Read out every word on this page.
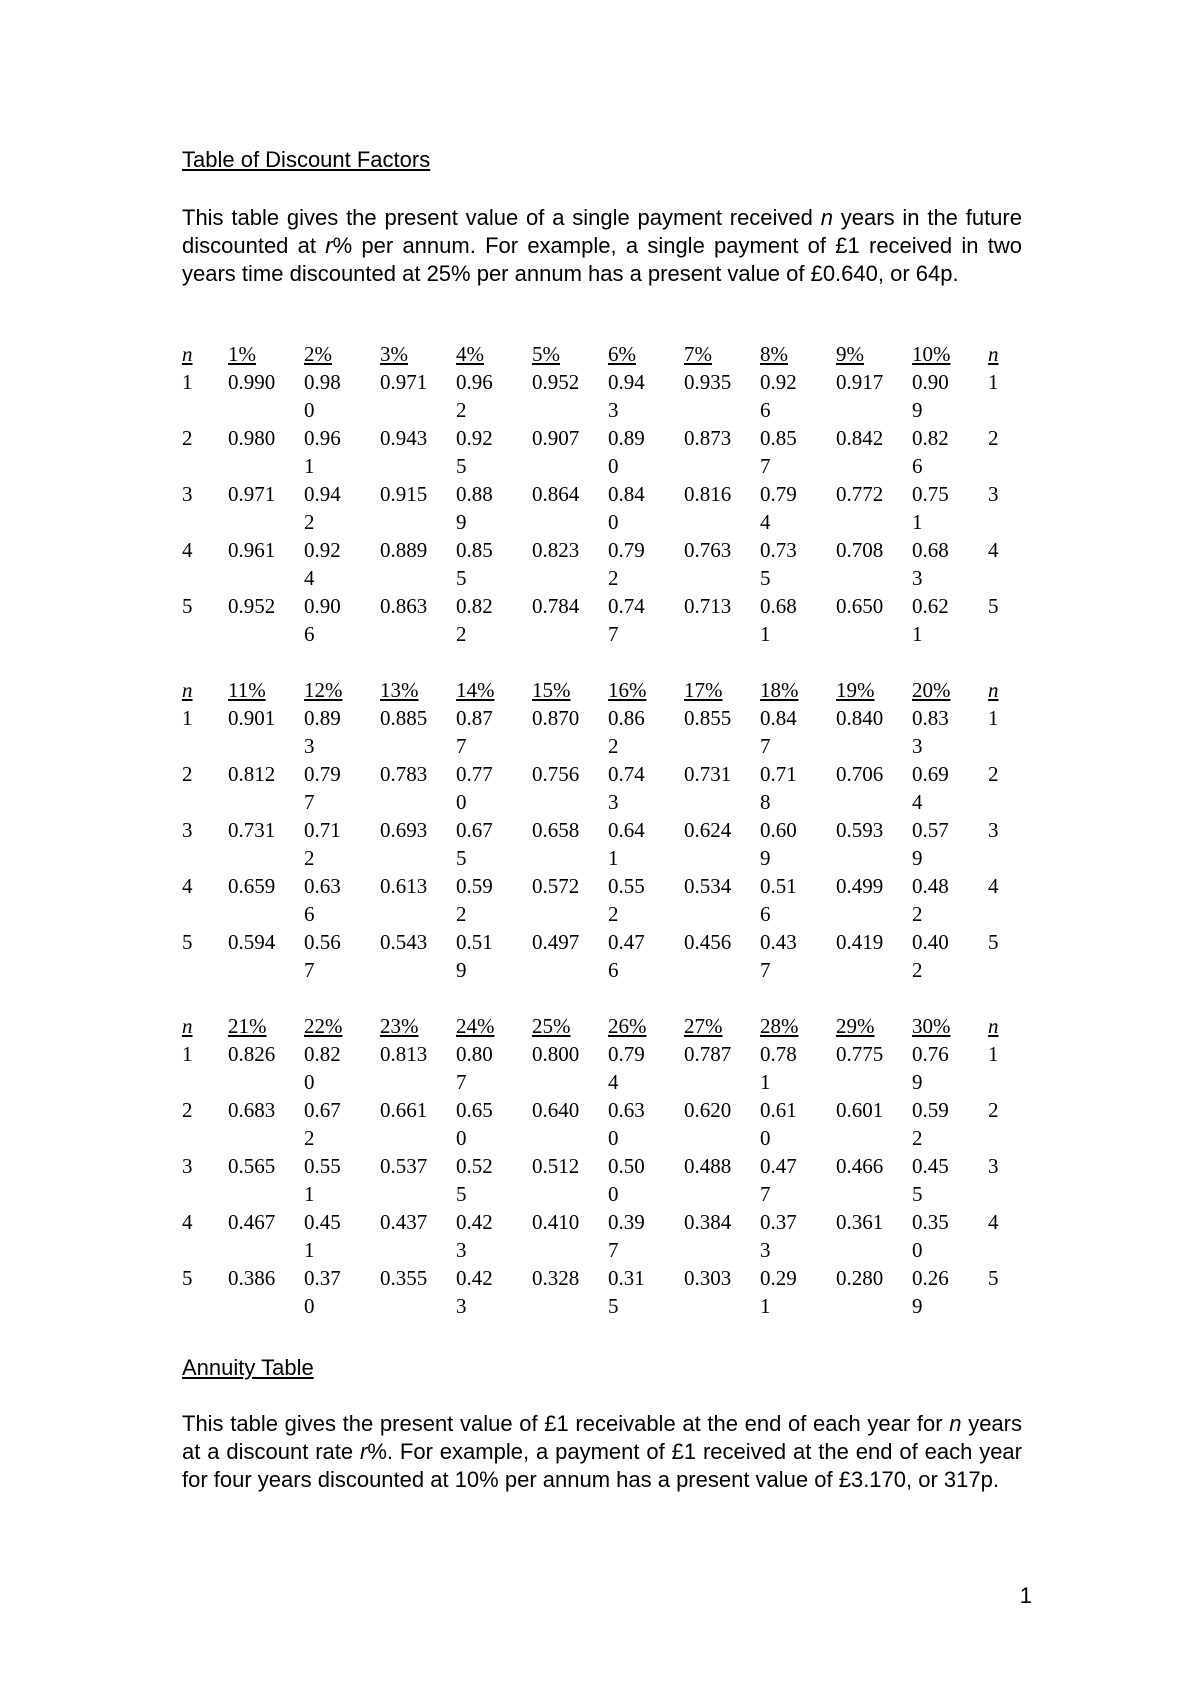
Table of Discount Factors

This table gives the present value of a single payment received n years in the future discounted at r% per annum. For example, a single payment of £1 received in two years time discounted at 25% per annum has a present value of £0.640, or 64p.

n	1%	2%	3%	4%	5%	6%	7%	8%	9%	10%	n
1	0.990	0.980	0.971	0.962	0.952	0.943	0.935	0.926	0.917	0.909	1
2	0.980	0.961	0.943	0.925	0.907	0.890	0.873	0.857	0.842	0.826	2
3	0.971	0.942	0.915	0.889	0.864	0.840	0.816	0.794	0.772	0.751	3
4	0.961	0.924	0.889	0.855	0.823	0.792	0.763	0.735	0.708	0.683	4
5	0.952	0.906	0.863	0.822	0.784	0.747	0.713	0.681	0.650	0.621	5
n	11%	12%	13%	14%	15%	16%	17%	18%	19%	20%	n
1	0.901	0.893	0.885	0.877	0.870	0.862	0.855	0.847	0.840	0.833	1
2	0.812	0.797	0.783	0.770	0.756	0.743	0.731	0.718	0.706	0.694	2
3	0.731	0.712	0.693	0.675	0.658	0.641	0.624	0.609	0.593	0.579	3
4	0.659	0.636	0.613	0.592	0.572	0.552	0.534	0.516	0.499	0.482	4
5	0.594	0.567	0.543	0.519	0.497	0.476	0.456	0.437	0.419	0.402	5
n	21%	22%	23%	24%	25%	26%	27%	28%	29%	30%	n
1	0.826	0.820	0.813	0.807	0.800	0.794	0.787	0.781	0.775	0.769	1
2	0.683	0.672	0.661	0.650	0.640	0.630	0.620	0.610	0.601	0.592	2
3	0.565	0.551	0.537	0.525	0.512	0.500	0.488	0.477	0.466	0.455	3
4	0.467	0.451	0.437	0.423	0.410	0.397	0.384	0.373	0.361	0.350	4
5	0.386	0.370	0.355	0.423	0.328	0.315	0.303	0.291	0.280	0.269	5
Annuity Table

This table gives the present value of £1 receivable at the end of each year for n years at a discount rate r%. For example, a payment of £1 received at the end of each year for four years discounted at 10% per annum has a present value of £3.170, or 317p.

1
